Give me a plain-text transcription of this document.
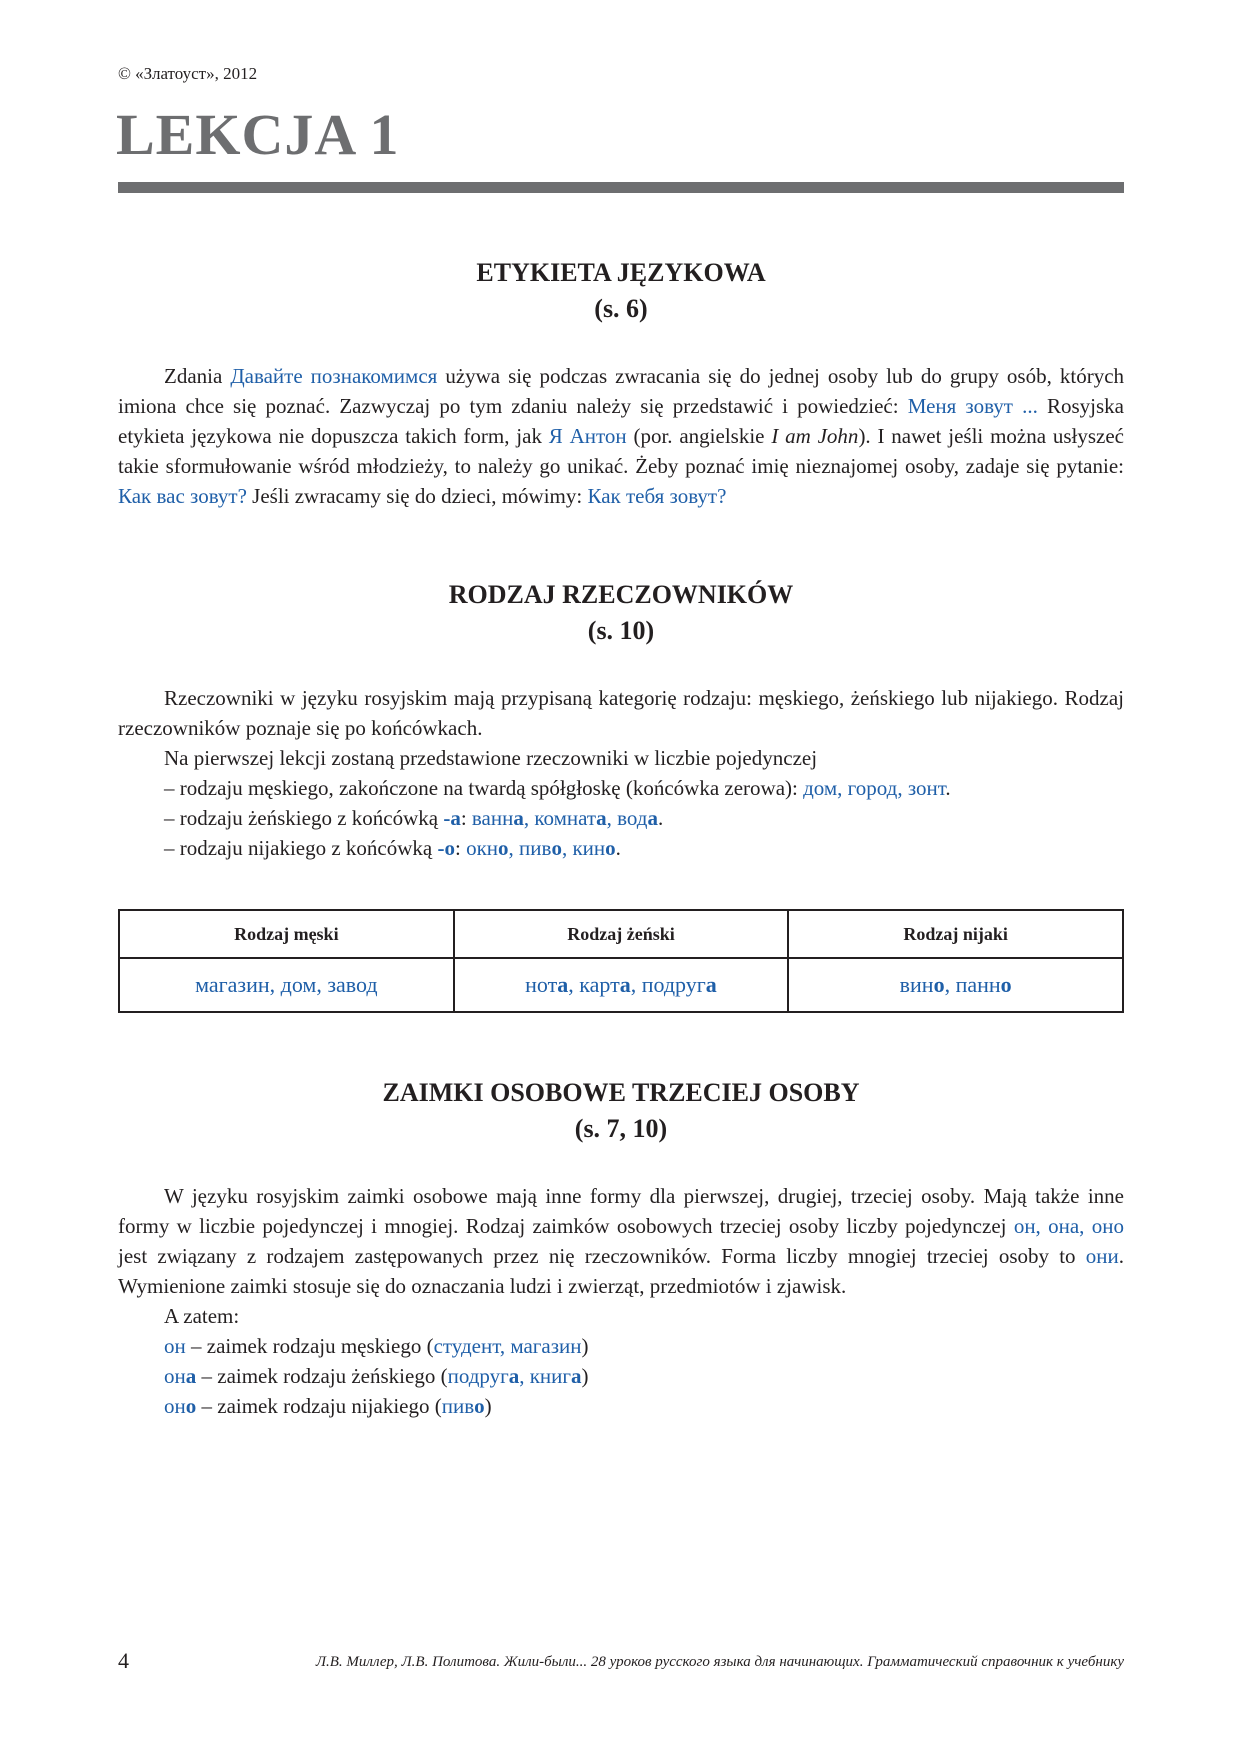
© «Златоуст», 2012
LEKCJA 1
ETYKIETA JĘZYKOWA
(s. 6)

Zdania Давайте познакомимся używa się podczas zwracania się do jednej osoby lub do grupy osób, których imiona chce się poznać. Zazwyczaj po tym zdaniu należy się przedstawić i powiedzieć: Меня зовут ... Rosyjska etykieta językowa nie dopuszcza takich form, jak Я Антон (por. angielskie I am John). I nawet jeśli można usłyszeć takie sformułowanie wśród młodzieży, to należy go unikać. Żeby poznać imię nieznajomej osoby, zadaje się pytanie: Как вас зовут? Jeśli zwracamy się do dzieci, mówimy: Как тебя зовут?

RODZAJ RZECZOWNIKÓW
(s. 10)

Rzeczowniki w języku rosyjskim mają przypisaną kategorię rodzaju: męskiego, żeńskiego lub nijakiego. Rodzaj rzeczowników poznaje się po końcówkach.

Na pierwszej lekcji zostaną przedstawione rzeczowniki w liczbie pojedynczej

– rodzaju męskiego, zakończone na twardą spółgłoskę (końcówka zerowa): дом, город, зонт.

– rodzaju żeńskiego z końcówką -а: ванна, комната, вода.

– rodzaju nijakiego z końcówką -о: окно, пиво, кино.

Rodzaj męski	Rodzaj żeński	Rodzaj nijaki
магазин, дом, завод	нота, карта, подруга	вино, панно
ZAIMKI OSOBOWE TRZECIEJ OSOBY
(s. 7, 10)

W języku rosyjskim zaimki osobowe mają inne formy dla pierwszej, drugiej, trzeciej osoby. Mają także inne formy w liczbie pojedynczej i mnogiej. Rodzaj zaimków osobowych trzeciej osoby liczby pojedynczej он, она, оно jest związany z rodzajem zastępowanych przez nię rzeczowników. Forma liczby mnogiej trzeciej osoby to они. Wymienione zaimki stosuje się do oznaczania ludzi i zwierząt, przedmiotów i zjawisk.

A zatem:

он – zaimek rodzaju męskiego (студент, магазин)

она – zaimek rodzaju żeńskiego (подруга, книга)

оно – zaimek rodzaju nijakiego (пиво)

4	Л.В. Миллер, Л.В. Политова. Жили-были... 28 уроков русского языка для начинающих. Грамматический справочник к учебнику
